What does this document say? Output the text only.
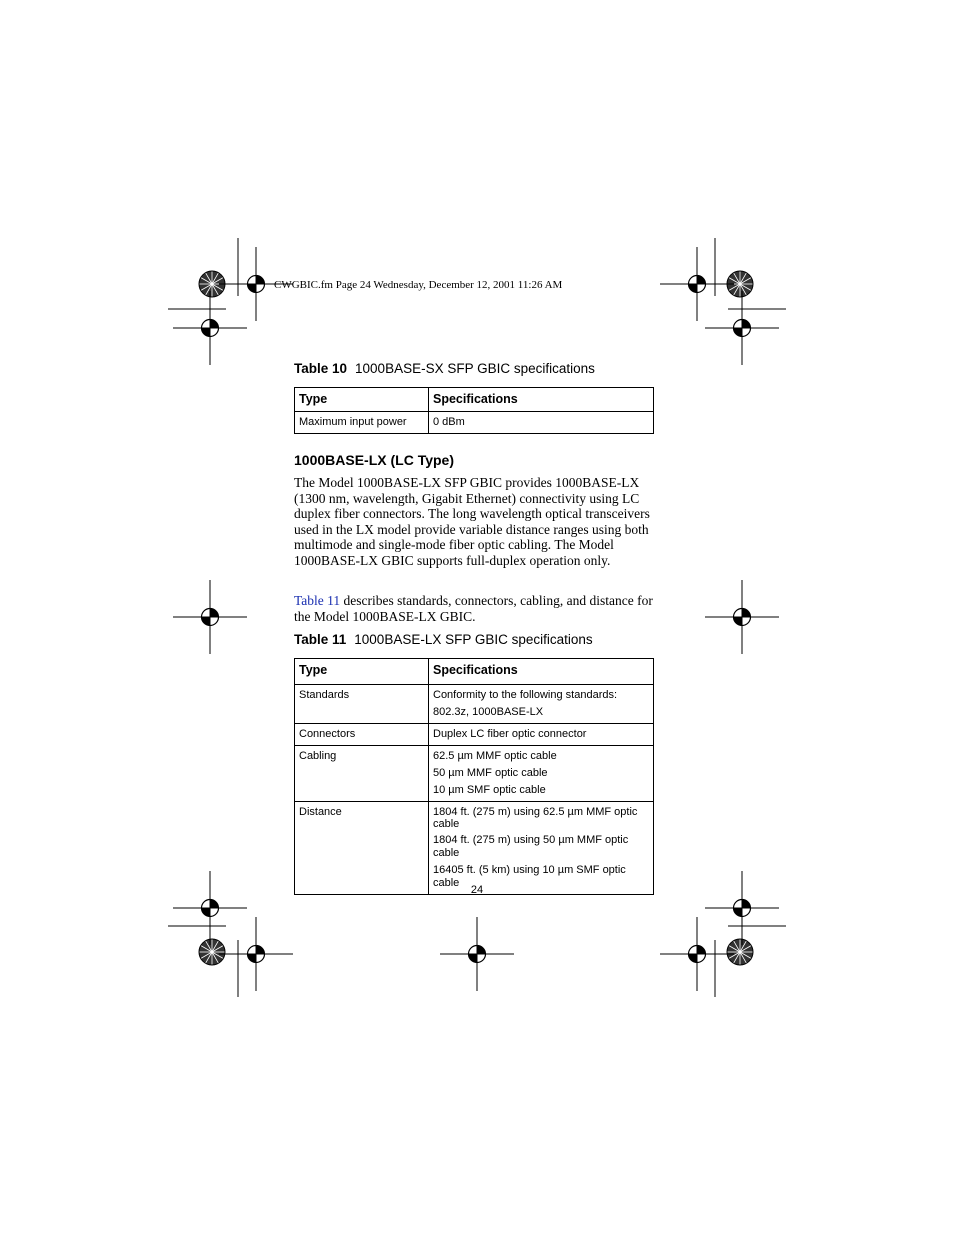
CWGBIC.fm Page 24 Wednesday, December 12, 2001 11:26 AM
Table 10 1000BASE-SX SFP GBIC specifications
Type	Specifications
Maximum input power	0 dBm
1000BASE-LX (LC Type)
The Model 1000BASE-LX SFP GBIC provides 1000BASE-LX (1300 nm, wavelength, Gigabit Ethernet) connectivity using LC duplex fiber connectors. The long wavelength optical transceivers used in the LX model provide variable distance ranges using both multimode and single-mode fiber optic cabling. The Model 1000BASE-LX GBIC supports full-duplex operation only.
Table 11 describes standards, connectors, cabling, and distance for the Model 1000BASE-LX GBIC.
Table 11 1000BASE-LX SFP GBIC specifications
Type	Specifications
Standards	Conformity to the following standards:
802.3z, 1000BASE-LX

Connectors	Duplex LC fiber optic connector

Cabling	62.5 µm MMF optic cable
50 µm MMF optic cable
10 µm SMF optic cable

Distance	1804 ft. (275 m) using 62.5 µm MMF optic cable
1804 ft. (275 m) using 50 µm MMF optic cable
16405 ft. (5 km) using 10 µm SMF optic cable
24
